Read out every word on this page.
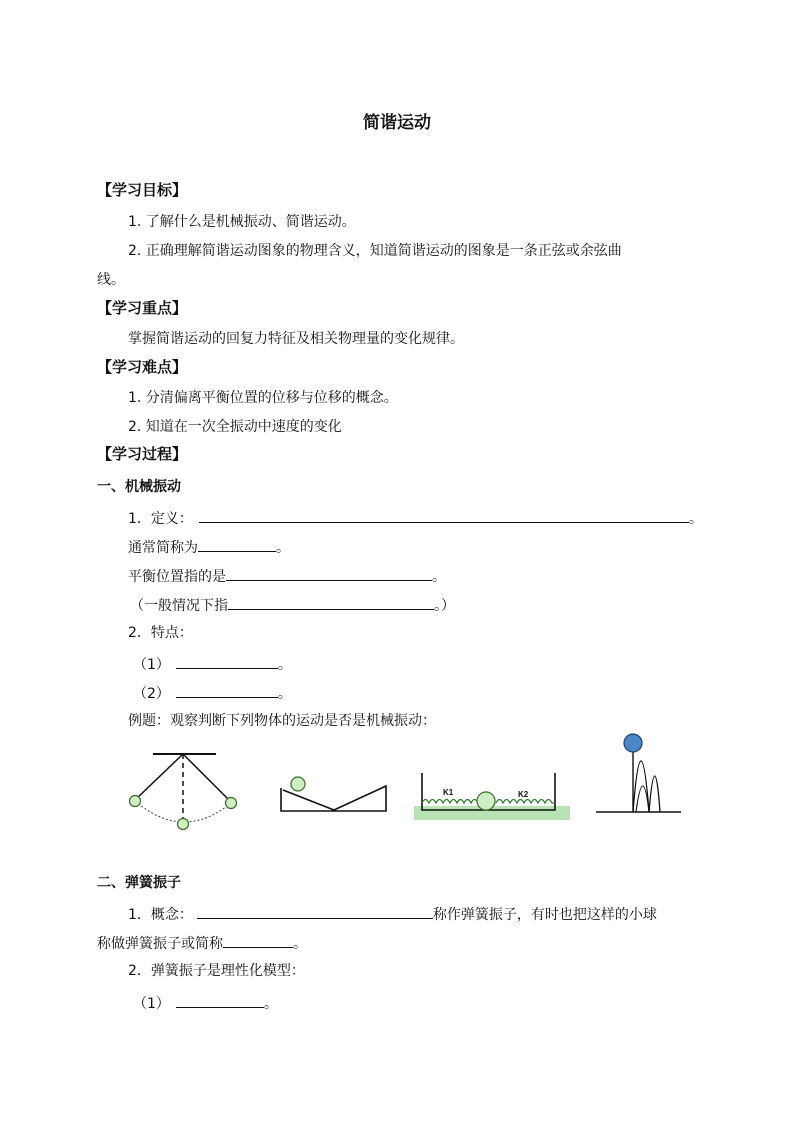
简谐运动
【学习目标】
1. 了解什么是机械振动、简谐运动。
2. 正确理解简谐运动图象的物理含义，知道简谐运动的图象是一条正弦或余弦曲
线。
【学习重点】
掌握简谐运动的回复力特征及相关物理量的变化规律。
【学习难点】
1. 分清偏离平衡位置的位移与位移的概念。
2. 知道在一次全振动中速度的变化
【学习过程】
一、机械振动
1．定义：	。
通常简称为	。
平衡位置指的是	。
（一般情况下指	。）
2．特点：
（1）	。
（2）	。
例题：观察判断下列物体的运动是否是机械振动：
K1	K2
二、弹簧振子
1．概念：	称作弹簧振子，有时也把这样的小球
称做弹簧振子或简称	。
2．弹簧振子是理性化模型：
（1）	。
